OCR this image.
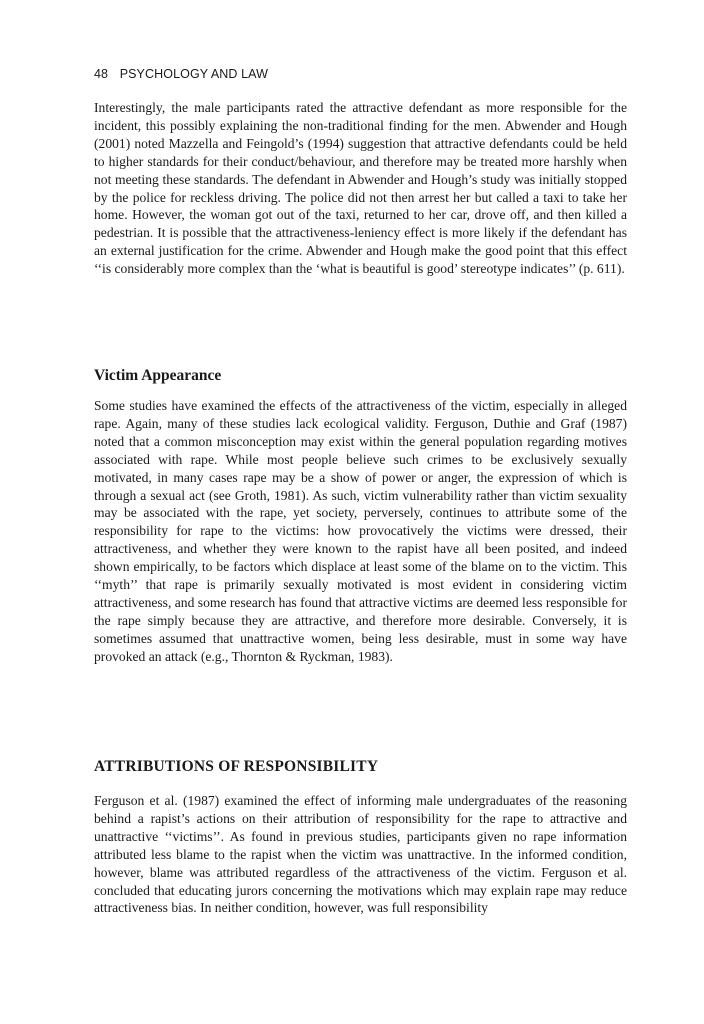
48 PSYCHOLOGY AND LAW

Interestingly, the male participants rated the attractive defendant as more responsible for the incident, this possibly explaining the non-traditional finding for the men. Abwender and Hough (2001) noted Mazzella and Feingold’s (1994) suggestion that attractive defendants could be held to higher standards for their conduct/behaviour, and therefore may be treated more harshly when not meeting these standards. The defendant in Abwender and Hough’s study was initially stopped by the police for reckless driving. The police did not then arrest her but called a taxi to take her home. However, the woman got out of the taxi, returned to her car, drove off, and then killed a pedestrian. It is possible that the attractiveness-leniency effect is more likely if the defendant has an external justification for the crime. Abwender and Hough make the good point that this effect ‘‘is considerably more complex than the ‘what is beautiful is good’ stereotype indicates’’ (p. 611).

Victim Appearance

Some studies have examined the effects of the attractiveness of the victim, especially in alleged rape. Again, many of these studies lack ecological validity. Ferguson, Duthie and Graf (1987) noted that a common misconception may exist within the general population regarding motives associated with rape. While most people believe such crimes to be exclusively sexually motivated, in many cases rape may be a show of power or anger, the expression of which is through a sexual act (see Groth, 1981). As such, victim vulnerability rather than victim sexuality may be associated with the rape, yet society, perversely, continues to attribute some of the responsibility for rape to the victims: how provocatively the victims were dressed, their attractiveness, and whether they were known to the rapist have all been posited, and indeed shown empirically, to be factors which displace at least some of the blame on to the victim. This ‘‘myth’’ that rape is primarily sexually motivated is most evident in considering victim attractiveness, and some research has found that attractive victims are deemed less responsible for the rape simply because they are attractive, and therefore more desirable. Conversely, it is sometimes assumed that unattractive women, being less desirable, must in some way have provoked an attack (e.g., Thornton & Ryckman, 1983).

ATTRIBUTIONS OF RESPONSIBILITY

Ferguson et al. (1987) examined the effect of informing male undergraduates of the reasoning behind a rapist’s actions on their attribution of responsibility for the rape to attractive and unattractive ‘‘victims’’. As found in previous studies, participants given no rape information attributed less blame to the rapist when the victim was unattractive. In the informed condition, however, blame was attributed regardless of the attractiveness of the victim. Ferguson et al. concluded that educating jurors concerning the motivations which may explain rape may reduce attractiveness bias. In neither condition, however, was full responsibility
